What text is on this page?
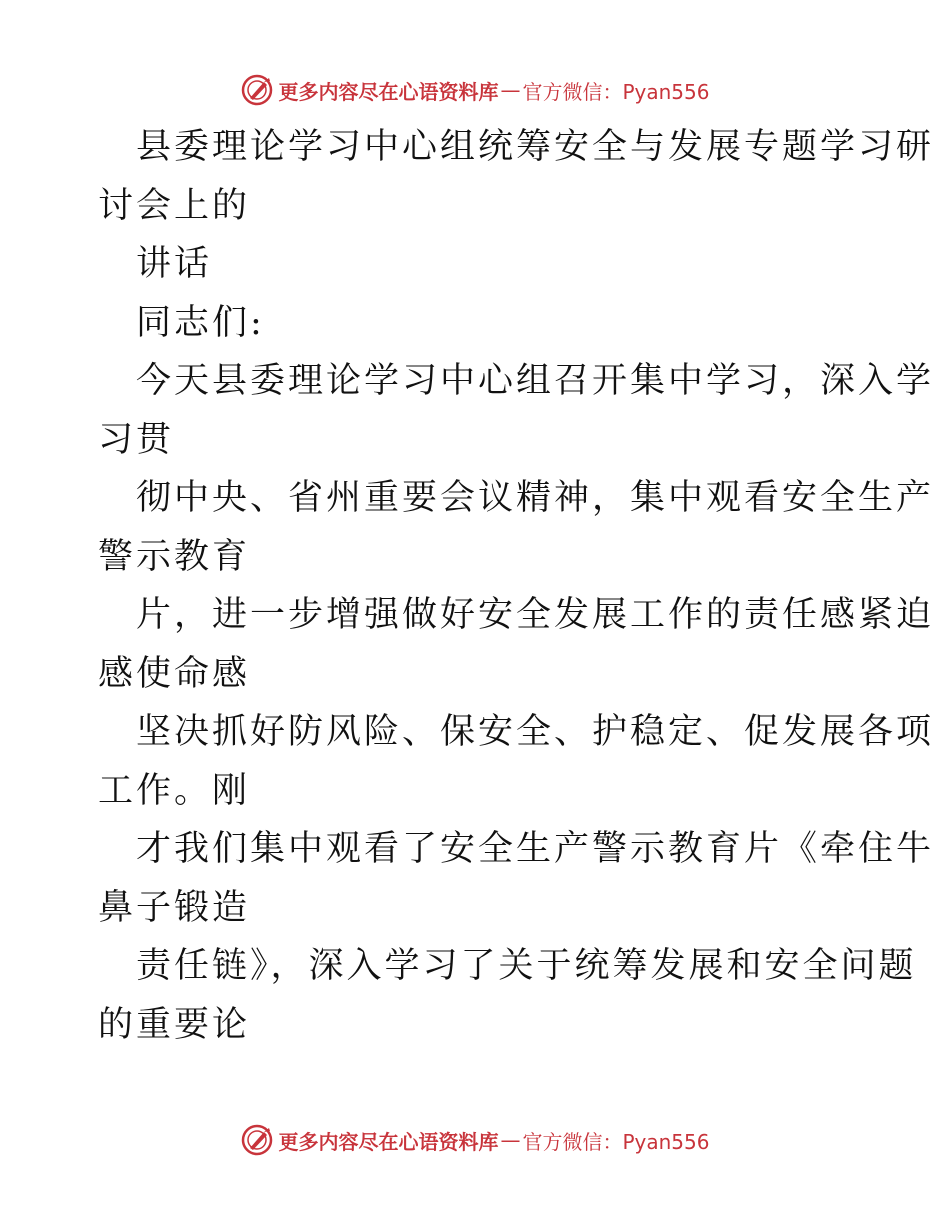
更多内容尽在心语资料库 — 官方微信：Pyan556
县委理论学习中心组统筹安全与发展专题学习研
讨会上的
讲话
同志们:
今天县委理论学习中心组召开集中学习，深入学
习贯
彻中央、省州重要会议精神，集中观看安全生产
警示教育
片，进一步增强做好安全发展工作的责任感紧迫
感使命感
坚决抓好防风险、保安全、护稳定、促发展各项
工作。刚
才我们集中观看了安全生产警示教育片《牵住牛
鼻子锻造
责任链》，深入学习了关于统筹发展和安全问题
的重要论
更多内容尽在心语资料库 — 官方微信：Pyan556
